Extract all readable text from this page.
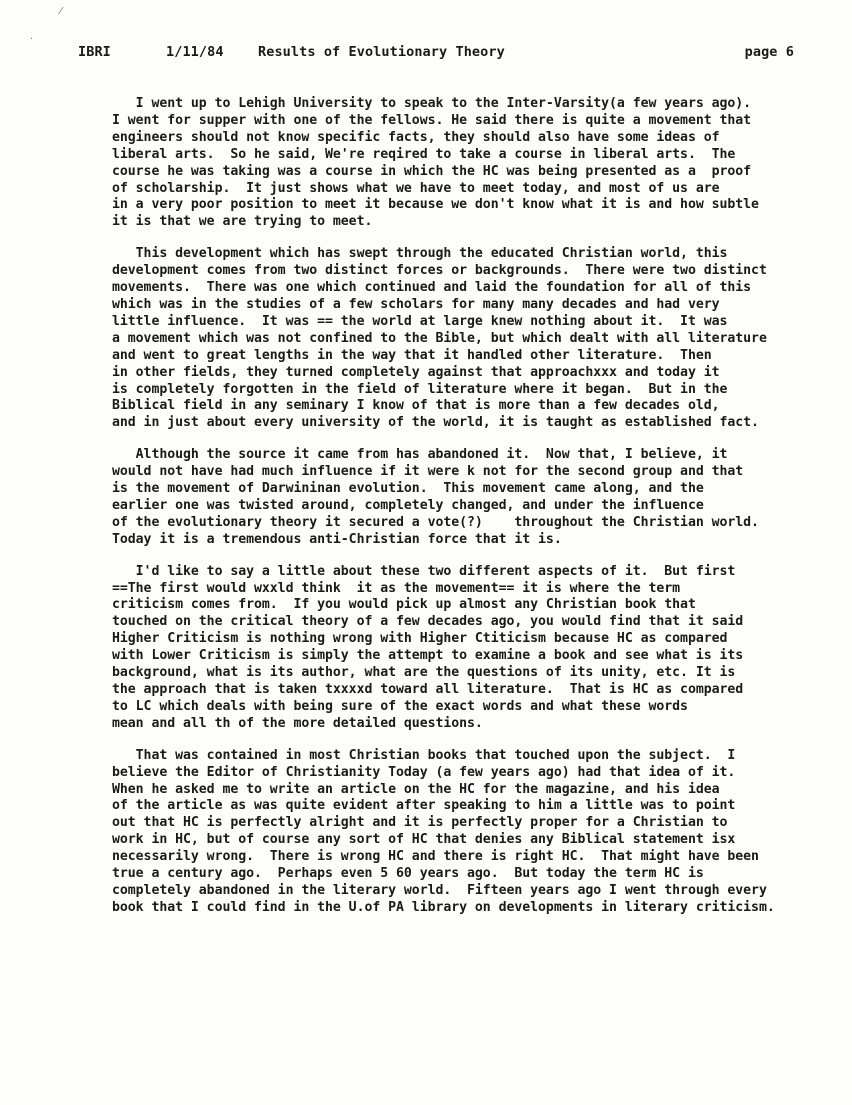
⁄
·
IBRI	1/11/84	Results of Evolutionary Theory	page 6
I went up to Lehigh University to speak to the Inter-Varsity(a few years ago).
I went for supper with one of the fellows. He said there is quite a movement that
engineers should not know specific facts, they should also have some ideas of
liberal arts.  So he said, We're reqired to take a course in liberal arts.  The
course he was taking was a course in which the HC was being presented as a  proof
of scholarship.  It just shows what we have to meet today, and most of us are
in a very poor position to meet it because we don't know what it is and how subtle
it is that we are trying to meet.
This development which has swept through the educated Christian world, this
development comes from two distinct forces or backgrounds.  There were two distinct
movements.  There was one which continued and laid the foundation for all of this
which was in the studies of a few scholars for many many decades and had very
little influence.  It was == the world at large knew nothing about it.  It was
a movement which was not confined to the Bible, but which dealt with all literature
and went to great lengths in the way that it handled other literature.  Then
in other fields, they turned completely against that approachxxx and today it
is completely forgotten in the field of literature where it began.  But in the
Biblical field in any seminary I know of that is more than a few decades old,
and in just about every university of the world, it is taught as established fact.
Although the source it came from has abandoned it.  Now that, I believe, it
would not have had much influence if it were k not for the second group and that
is the movement of Darwininan evolution.  This movement came along, and the
earlier one was twisted around, completely changed, and under the influence
of the evolutionary theory it secured a vote(?)    throughout the Christian world.
Today it is a tremendous anti-Christian force that it is.
I'd like to say a little about these two different aspects of it.  But first
==The first would wxxld think  it as the movement== it is where the term
criticism comes from.  If you would pick up almost any Christian book that
touched on the critical theory of a few decades ago, you would find that it said
Higher Criticism is nothing wrong with Higher Ctiticism because HC as compared
with Lower Criticism is simply the attempt to examine a book and see what is its
background, what is its author, what are the questions of its unity, etc. It is
the approach that is taken txxxxd toward all literature.  That is HC as compared
to LC which deals with being sure of the exact words and what these words
mean and all th of the more detailed questions.
That was contained in most Christian books that touched upon the subject.  I
believe the Editor of Christianity Today (a few years ago) had that idea of it.
When he asked me to write an article on the HC for the magazine, and his idea
of the article as was quite evident after speaking to him a little was to point
out that HC is perfectly alright and it is perfectly proper for a Christian to
work in HC, but of course any sort of HC that denies any Biblical statement isx
necessarily wrong.  There is wrong HC and there is right HC.  That might have been
true a century ago.  Perhaps even 5 60 years ago.  But today the term HC is
completely abandoned in the literary world.  Fifteen years ago I went through every
book that I could find in the U.of PA library on developments in literary criticism.
